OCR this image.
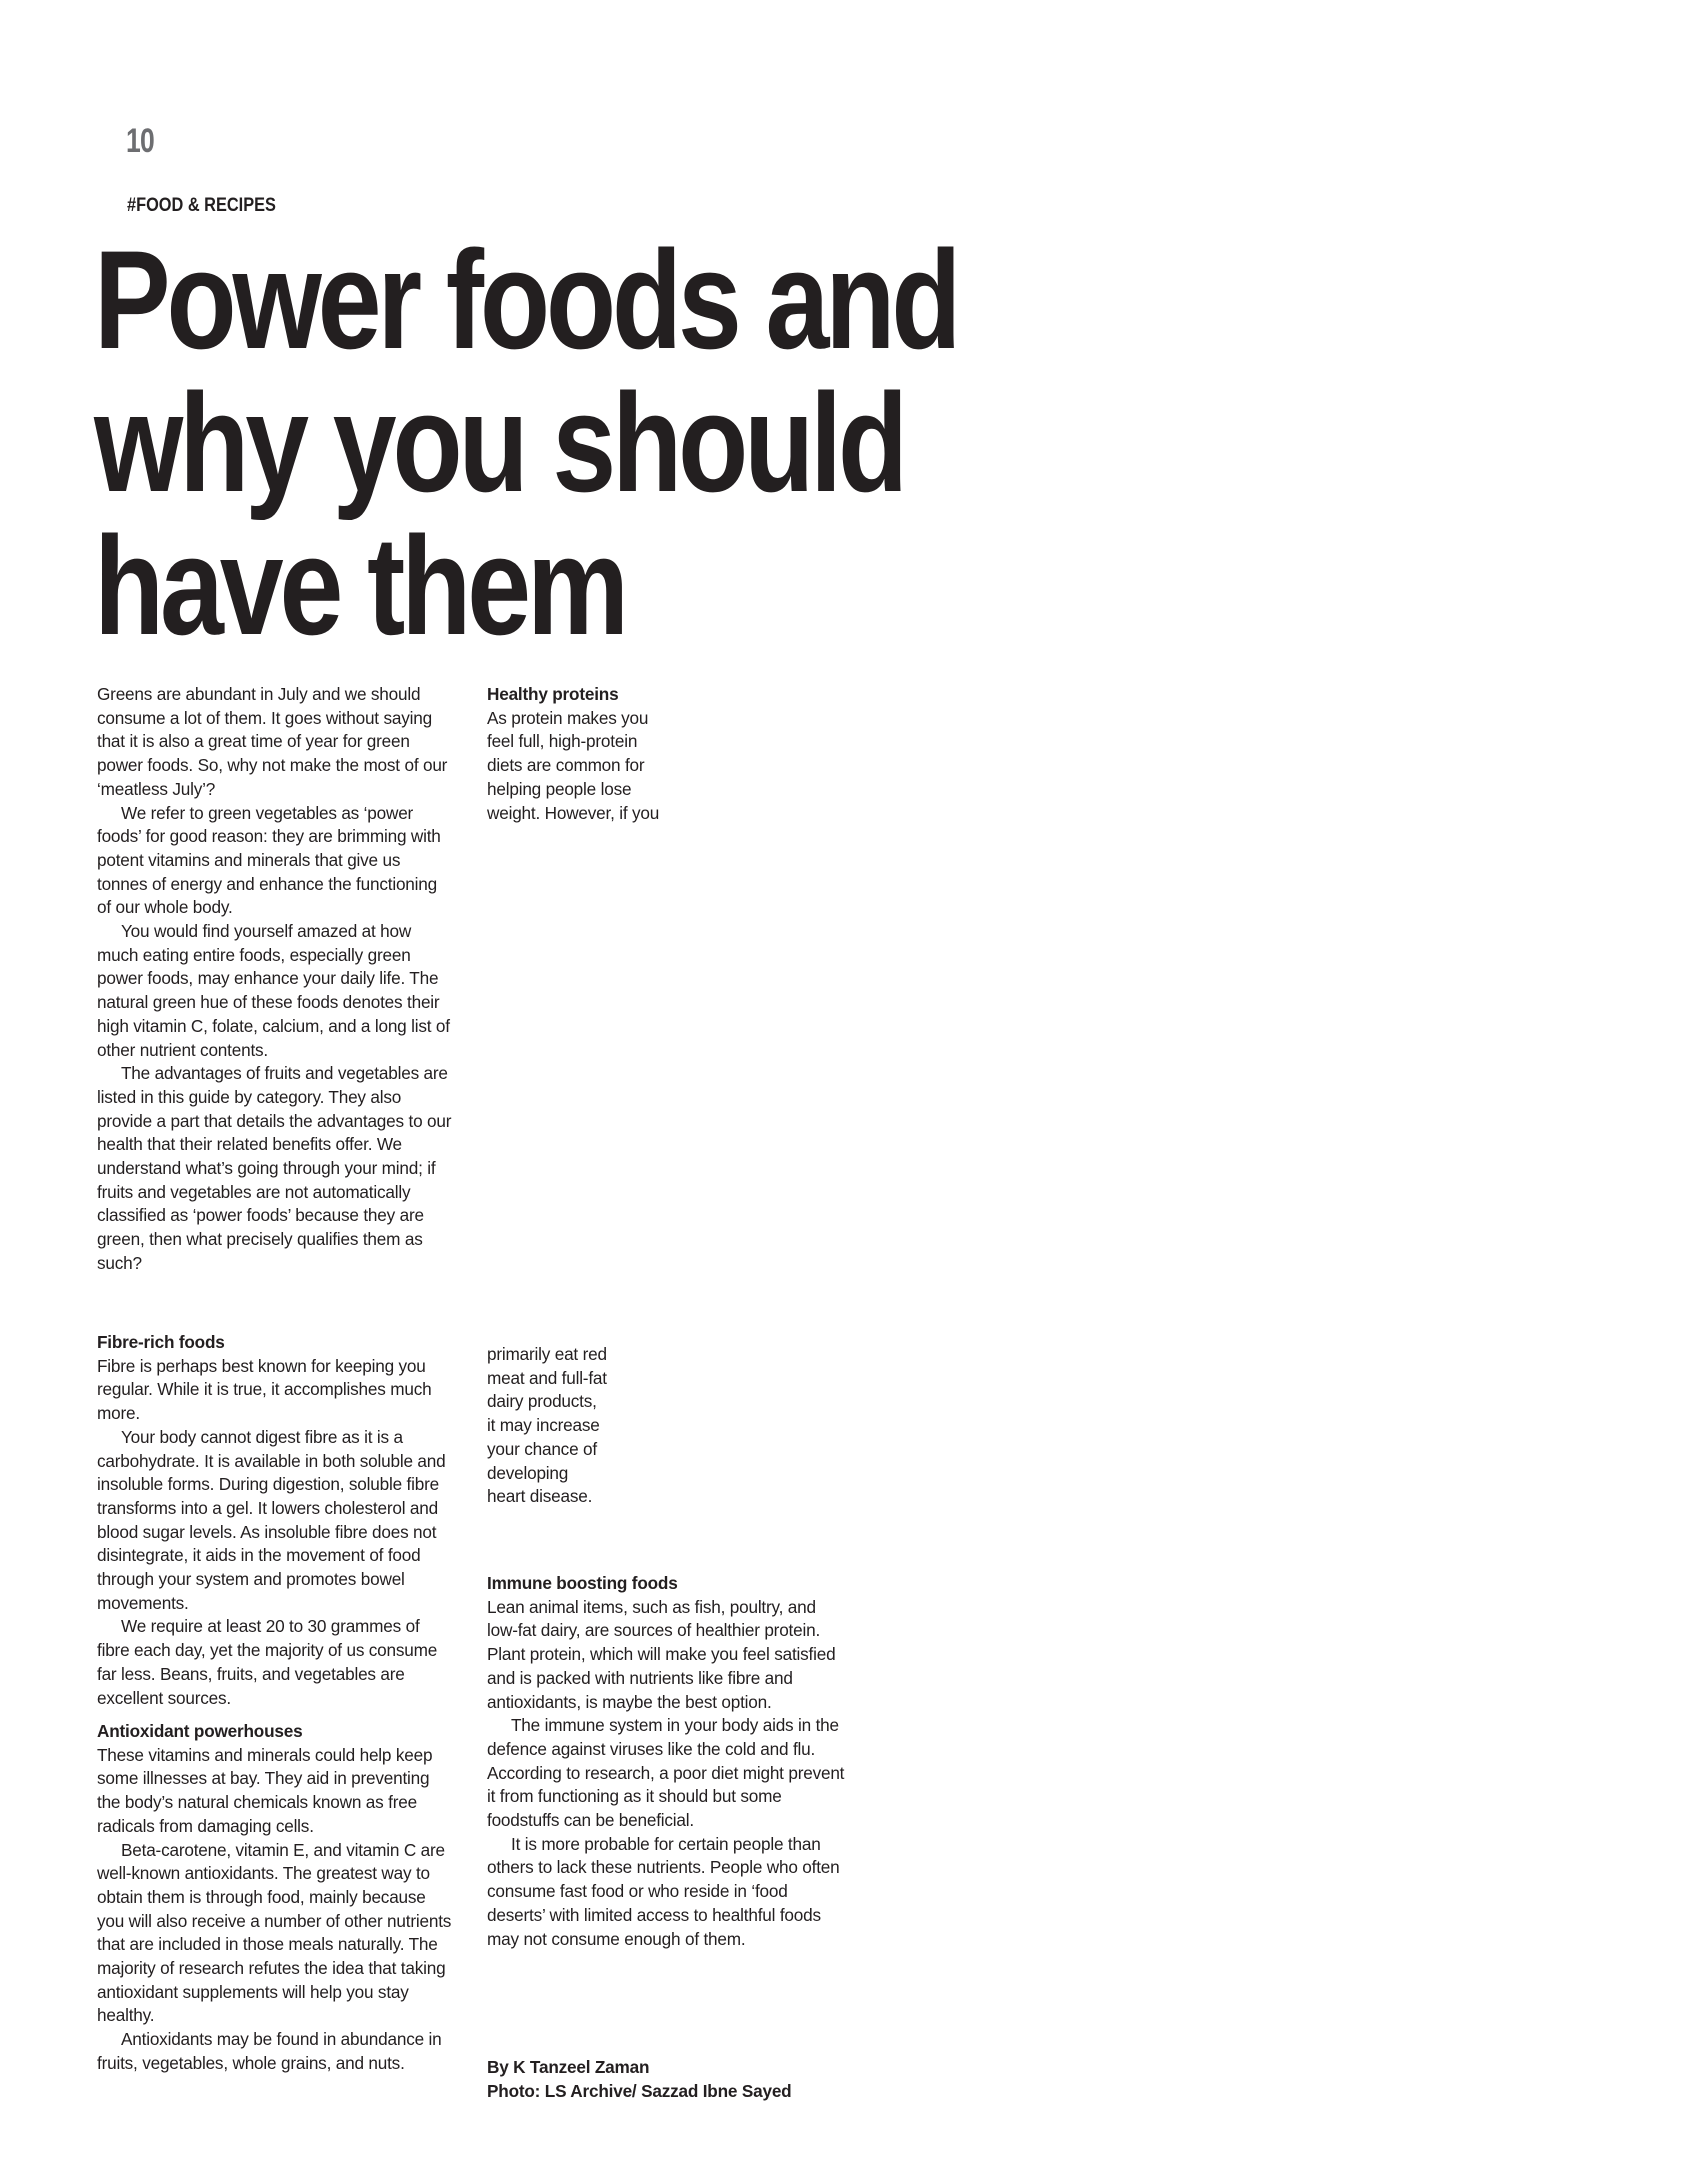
10
#FOOD & RECIPES
Power foods and
why you should
have them

Greens are abundant in July and we should consume a lot of them. It goes without saying that it is also a great time of year for green power foods. So, why not make the most of our ‘meatless July’?

We refer to green vegetables as ‘power foods’ for good reason: they are brimming with potent vitamins and minerals that give us tonnes of energy and enhance the functioning of our whole body.

You would find yourself amazed at how much eating entire foods, especially green power foods, may enhance your daily life. The natural green hue of these foods denotes their high vitamin C, folate, calcium, and a long list of other nutrient contents.

The advantages of fruits and vegetables are listed in this guide by category. They also provide a part that details the advantages to our health that their related benefits offer. We understand what’s going through your mind; if fruits and vegetables are not automatically classified as ‘power foods’ because they are green, then what precisely qualifies them as such?

Fibre-rich foods

Fibre is perhaps best known for keeping you regular. While it is true, it accomplishes much more.

Your body cannot digest fibre as it is a carbohydrate. It is available in both soluble and insoluble forms. During digestion, soluble fibre transforms into a gel. It lowers cholesterol and blood sugar levels. As insoluble fibre does not disintegrate, it aids in the movement of food through your system and promotes bowel movements.

We require at least 20 to 30 grammes of fibre each day, yet the majority of us consume far less. Beans, fruits, and vegetables are excellent sources.

Antioxidant powerhouses

These vitamins and minerals could help keep some illnesses at bay. They aid in preventing the body’s natural chemicals known as free radicals from damaging cells.

Beta-carotene, vitamin E, and vitamin C are well-known antioxidants. The greatest way to obtain them is through food, mainly because you will also receive a number of other nutrients that are included in those meals naturally. The majority of research refutes the idea that taking antioxidant supplements will help you stay healthy.

Antioxidants may be found in abundance in fruits, vegetables, whole grains, and nuts.

Healthy proteins

As protein makes you feel full, high-protein diets are common for helping people lose weight. However, if you

primarily eat red meat and full-fat dairy products, it may increase your chance of developing heart disease.

Immune boosting foods

Lean animal items, such as fish, poultry, and low-fat dairy, are sources of healthier protein. Plant protein, which will make you feel satisfied and is packed with nutrients like fibre and antioxidants, is maybe the best option.

The immune system in your body aids in the defence against viruses like the cold and flu. According to research, a poor diet might prevent it from functioning as it should but some foodstuffs can be beneficial.

It is more probable for certain people than others to lack these nutrients. People who often consume fast food or who reside in ‘food deserts’ with limited access to healthful foods may not consume enough of them.

By K Tanzeel Zaman

Photo: LS Archive/ Sazzad Ibne Sayed
